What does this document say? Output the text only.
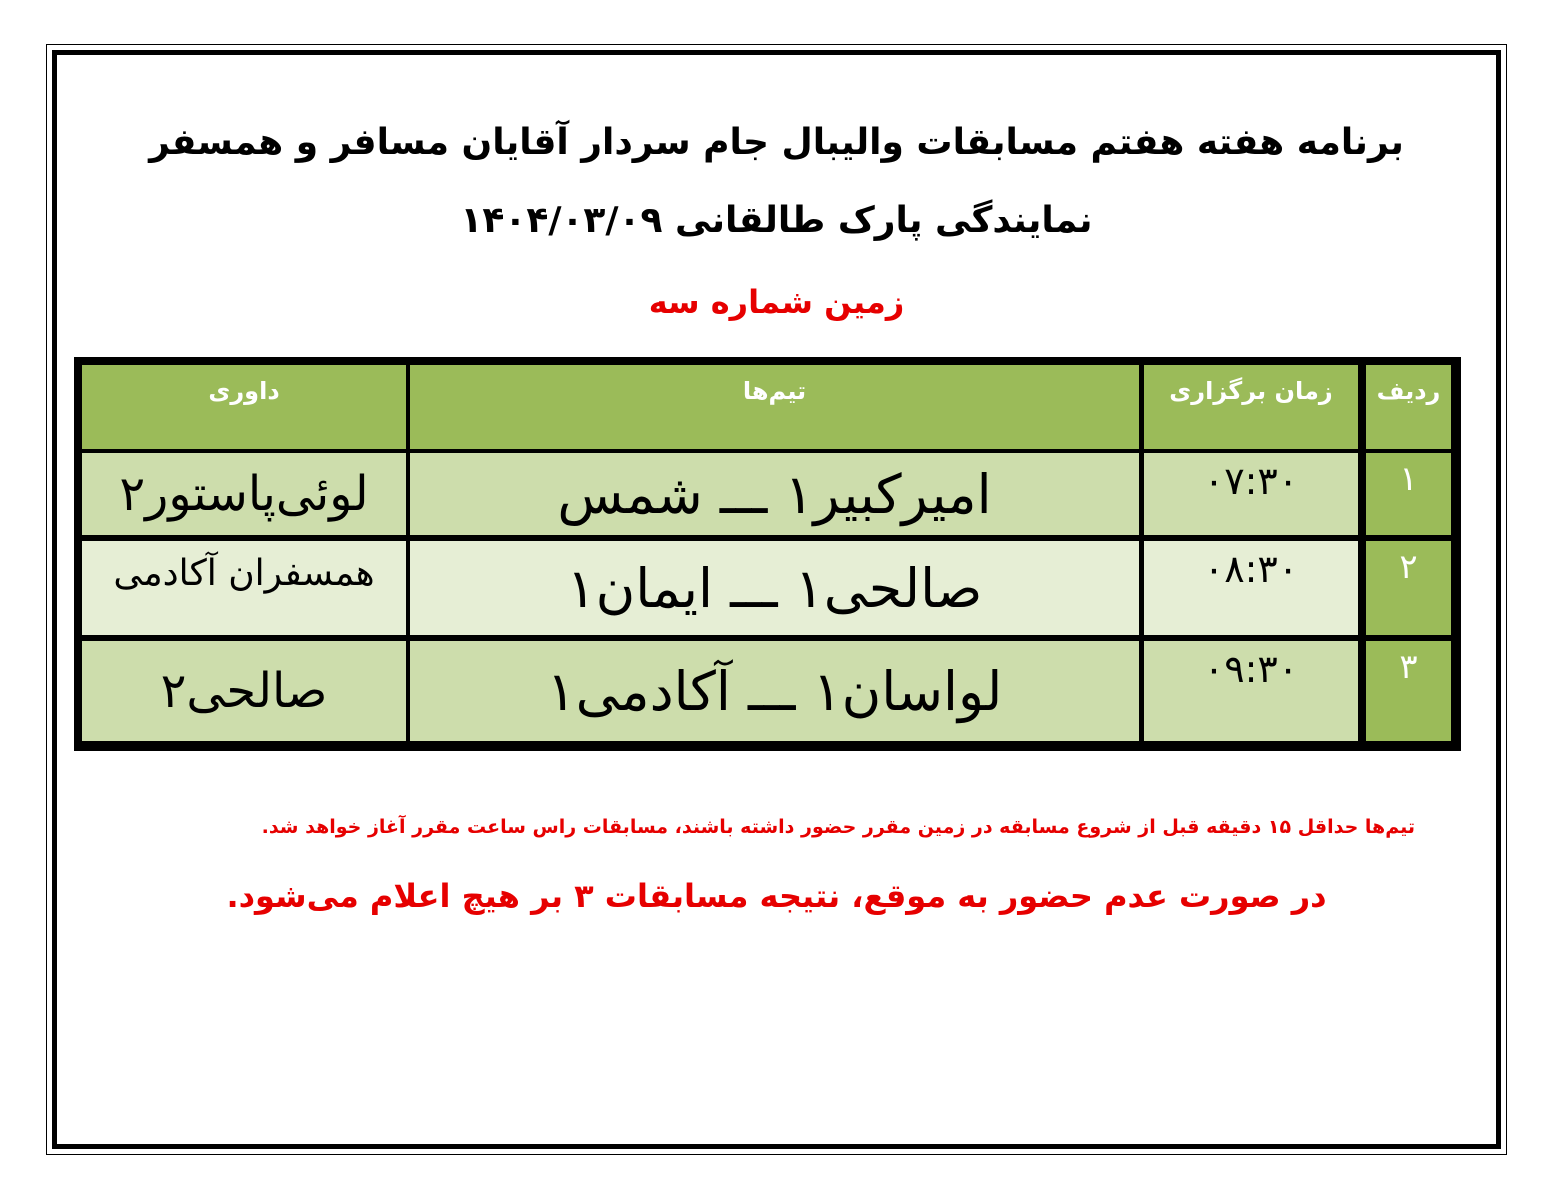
برنامه هفته هفتم مسابقات والیبال جام سردار آقایان مسافر و همسفر
نمایندگی پارک طالقانی ۱۴۰۴/۰۳/۰۹
زمین شماره سه
ردیف
زمان برگزاری
تیم‌ها
داوری
۱
۰۷:۳۰
امیرکبیر۱ ـــ شمس
لوئی‌پاستور۲
۲
۰۸:۳۰
صالحی۱ ـــ ایمان۱
همسفران آکادمی
۳
۰۹:۳۰
لواسان۱ ـــ آکادمی۱
صالحی۲
تیم‌ها حداقل ۱۵ دقیقه قبل از شروع مسابقه در زمین مقرر حضور داشته باشند، مسابقات راس ساعت مقرر آغاز خواهد شد.
در صورت عدم حضور به موقع، نتیجه مسابقات ۳ بر هیچ اعلام می‌شود.
